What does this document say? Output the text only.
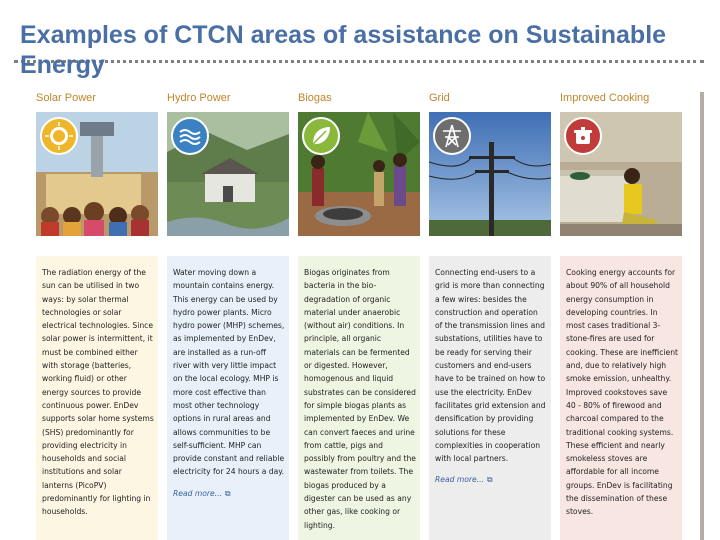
Examples of CTCN areas of assistance on Sustainable Energy
Solar Power

The radiation energy of the sun can be utilised in two ways: by solar thermal technologies or solar electrical technologies. Since solar power is intermittent, it must be combined either with storage (batteries, working fluid) or other energy sources to provide continuous power. EnDev supports solar home systems (SHS) predominantly for providing electricity in households and social institutions and solar lanterns (PicoPV) predominantly for lighting in households.

Hydro Power

Water moving down a mountain contains energy. This energy can be used by hydro power plants. Micro hydro power (MHP) schemes, as implemented by EnDev, are installed as a run-off river with very little impact on the local ecology. MHP is more cost effective than most other technology options in rural areas and allows communities to be self-sufficient. MHP can provide constant and reliable electricity for 24 hours a day.
Read more... ⧉

Biogas

Biogas originates from bacteria in the bio-degradation of organic material under anaerobic (without air) conditions. In principle, all organic materials can be fermented or digested. However, homogenous and liquid substrates can be considered for simple biogas plants as implemented by EnDev. We can convert faeces and urine from cattle, pigs and possibly from poultry and the wastewater from toilets. The biogas produced by a digester can be used as any other gas, like cooking or lighting.

Grid

Connecting end-users to a grid is more than connecting a few wires: besides the construction and operation of the transmission lines and substations, utilities have to be ready for serving their customers and end-users have to be trained on how to use the electricity. EnDev facilitates grid extension and densification by providing solutions for these complexities in cooperation with local partners.
Read more... ⧉

Improved Cooking

Cooking energy accounts for about 90% of all household energy consumption in developing countries. In most cases traditional 3-stone-fires are used for cooking. These are inefficient and, due to relatively high smoke emission, unhealthy. Improved cookstoves save 40 - 80% of firewood and charcoal compared to the traditional cooking systems. These efficient and nearly smokeless stoves are affordable for all income groups. EnDev is facilitating the dissemination of these stoves.
